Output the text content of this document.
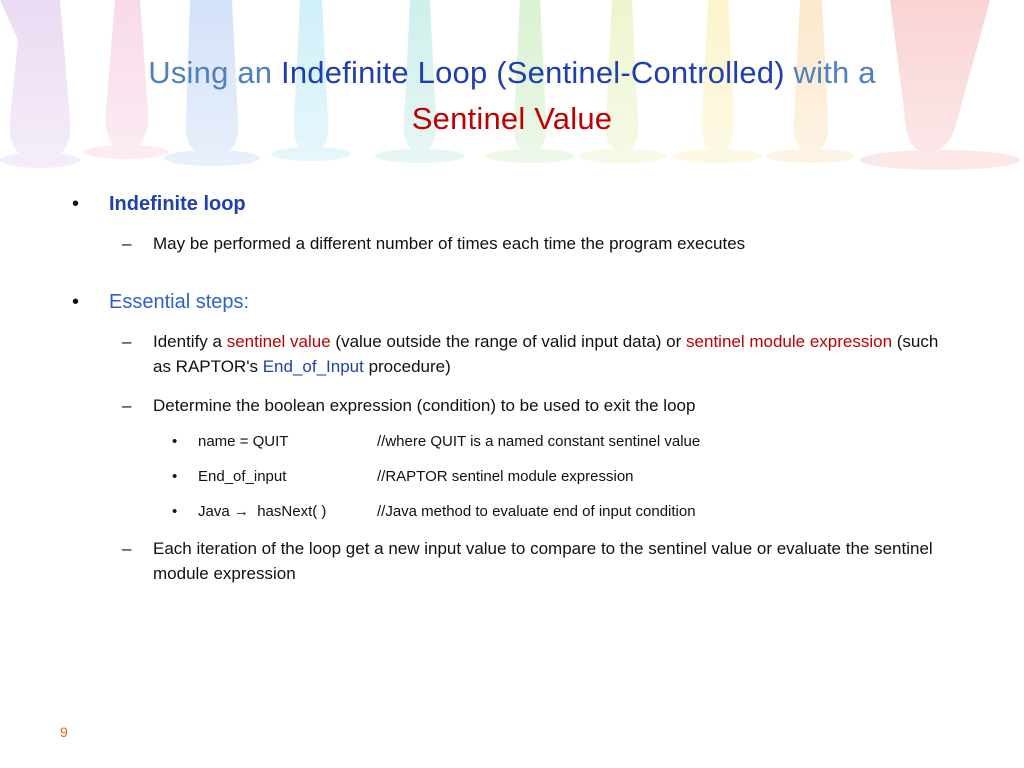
Using an Indefinite Loop (Sentinel-Controlled) with a
Sentinel Value
• Indefinite loop
– May be performed a different number of times each time the program executes
• Essential steps:
– Identify a sentinel value (value outside the range of valid input data) or sentinel module expression (such as RAPTOR's End_of_Input procedure)
– Determine the boolean expression (condition) to be used to exit the loop
• name = QUIT	//where QUIT is a named constant sentinel value
• End_of_input	//RAPTOR sentinel module expression
• Java → hasNext( )	//Java method to evaluate end of input condition
– Each iteration of the loop get a new input value to compare to the sentinel value or evaluate the sentinel module expression
9
